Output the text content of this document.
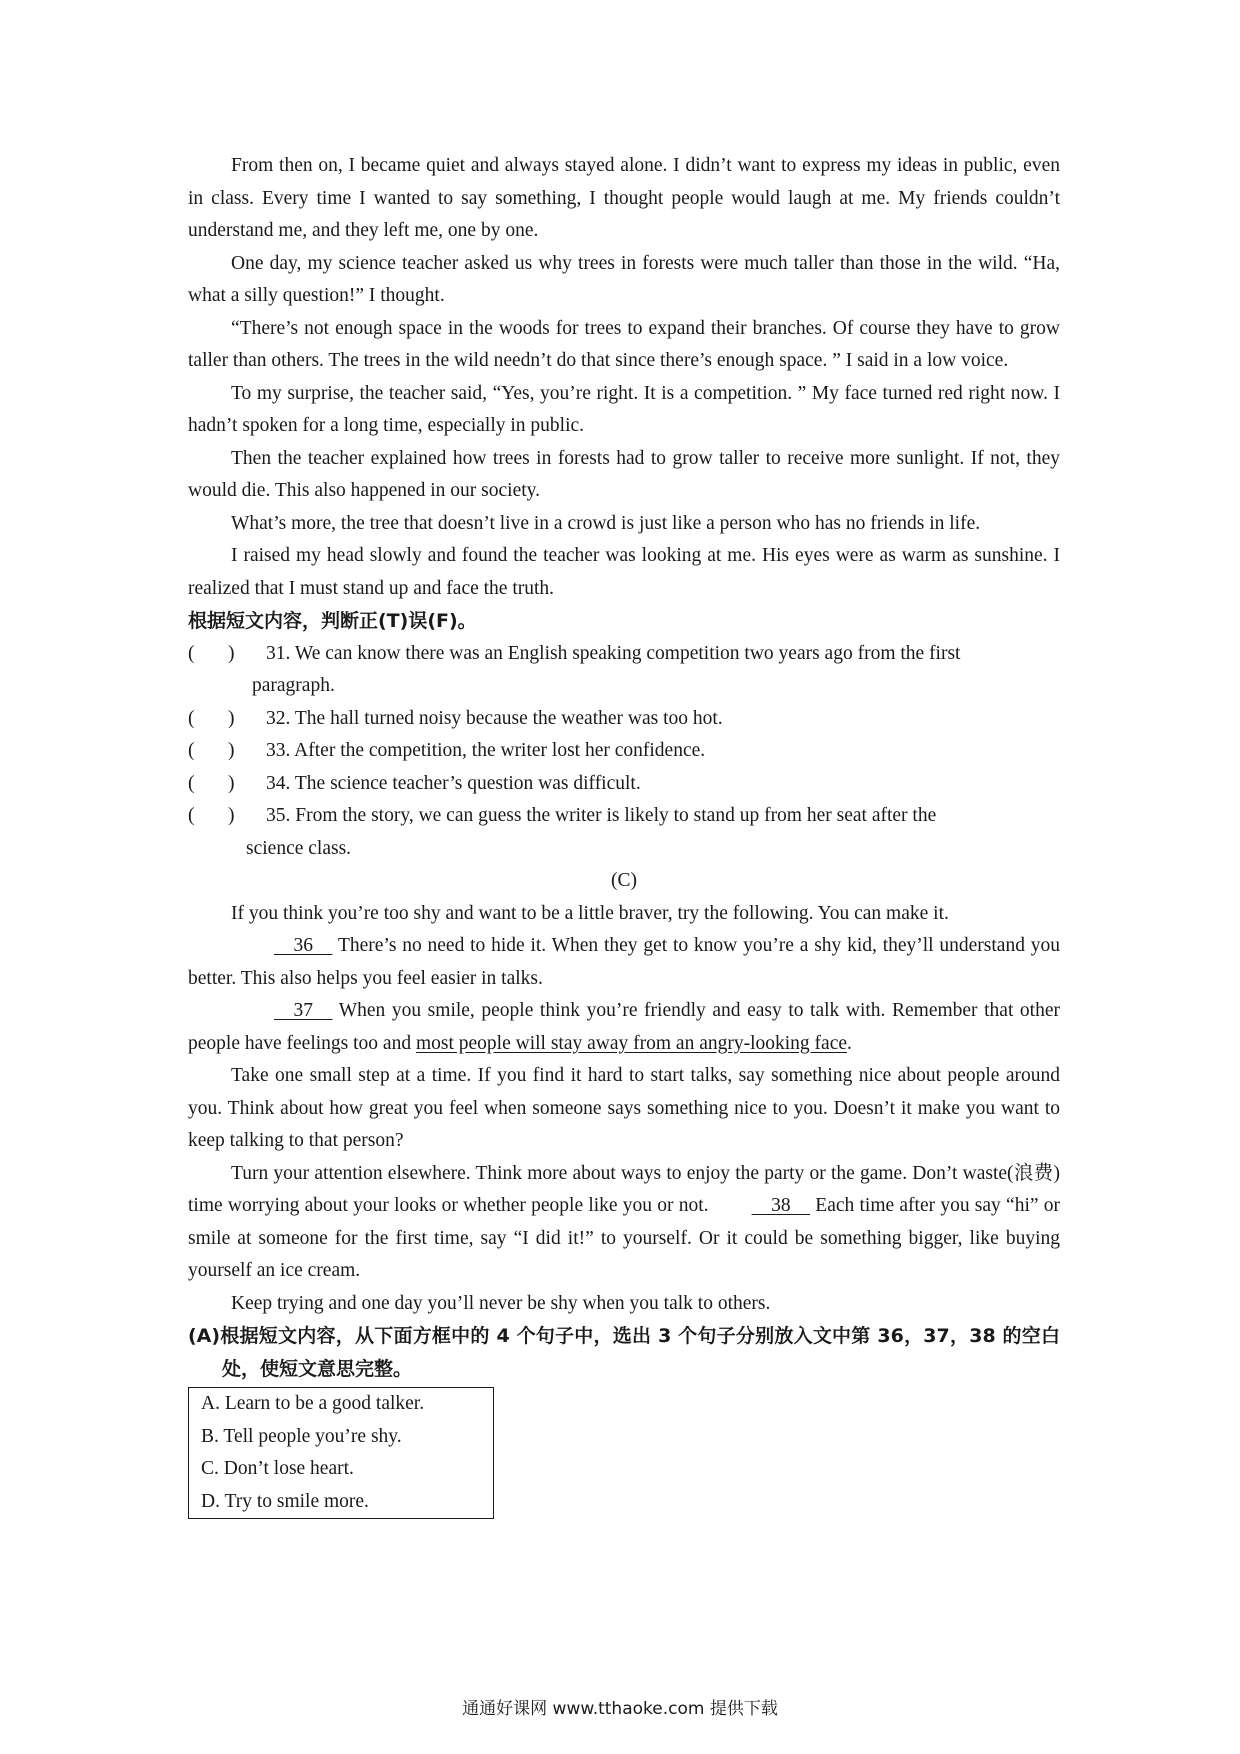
From then on, I became quiet and always stayed alone. I didn’t want to express my ideas in public, even in class. Every time I wanted to say something, I thought people would laugh at me. My friends couldn’t understand me, and they left me, one by one.

One day, my science teacher asked us why trees in forests were much taller than those in the wild. “Ha, what a silly question!” I thought.

“There’s not enough space in the woods for trees to expand their branches. Of course they have to grow taller than others. The trees in the wild needn’t do that since there’s enough space. ” I said in a low voice.

To my surprise, the teacher said, “Yes, you’re right. It is a competition. ” My face turned red right now. I hadn’t spoken for a long time, especially in public.

Then the teacher explained how trees in forests had to grow taller to receive more sunlight. If not, they would die. This also happened in our society.

What’s more, the tree that doesn’t live in a crowd is just like a person who has no friends in life.

I raised my head slowly and found the teacher was looking at me. His eyes were as warm as sunshine. I realized that I must stand up and face the truth.

根据短文内容，判断正(T)误(F)。

( ) 31. We can know there was an English speaking competition two years ago from the first
paragraph.
( ) 32. The hall turned noisy because the weather was too hot.
( ) 33. After the competition, the writer lost her confidence.
( ) 34. The science teacher’s question was difficult.
( ) 35. From the story, we can guess the writer is likely to stand up from her seat after the
science class.

(C)

If you think you’re too shy and want to be a little braver, try the following. You can make it.

36     There’s no need to hide it. When they get to know you’re a shy kid, they’ll understand you better. This also helps you feel easier in talks.

37     When you smile, people think you’re friendly and easy to talk with. Remember that other people have feelings too and most people will stay away from an angry-looking face.

Take one small step at a time. If you find it hard to start talks, say something nice about people around you. Think about how great you feel when someone says something nice to you. Doesn’t it make you want to keep talking to that person?

Turn your attention elsewhere. Think more about ways to enjoy the party or the game. Don’t waste(浪费) time worrying about your looks or whether people like you or not.	38     Each time after you say “hi” or smile at someone for the first time, say “I did it!” to yourself. Or it could be something bigger, like buying yourself an ice cream.

Keep trying and one day you’ll never be shy when you talk to others.

(A)根据短文内容，从下面方框中的 4 个句子中，选出 3 个句子分别放入文中第 36，37，38 的空白处，使短文意思完整。

A. Learn to be a good talker.
B. Tell people you’re shy.
C. Don’t lose heart.
D. Try to smile more.
通通好课网 www.tthaoke.com 提供下载
